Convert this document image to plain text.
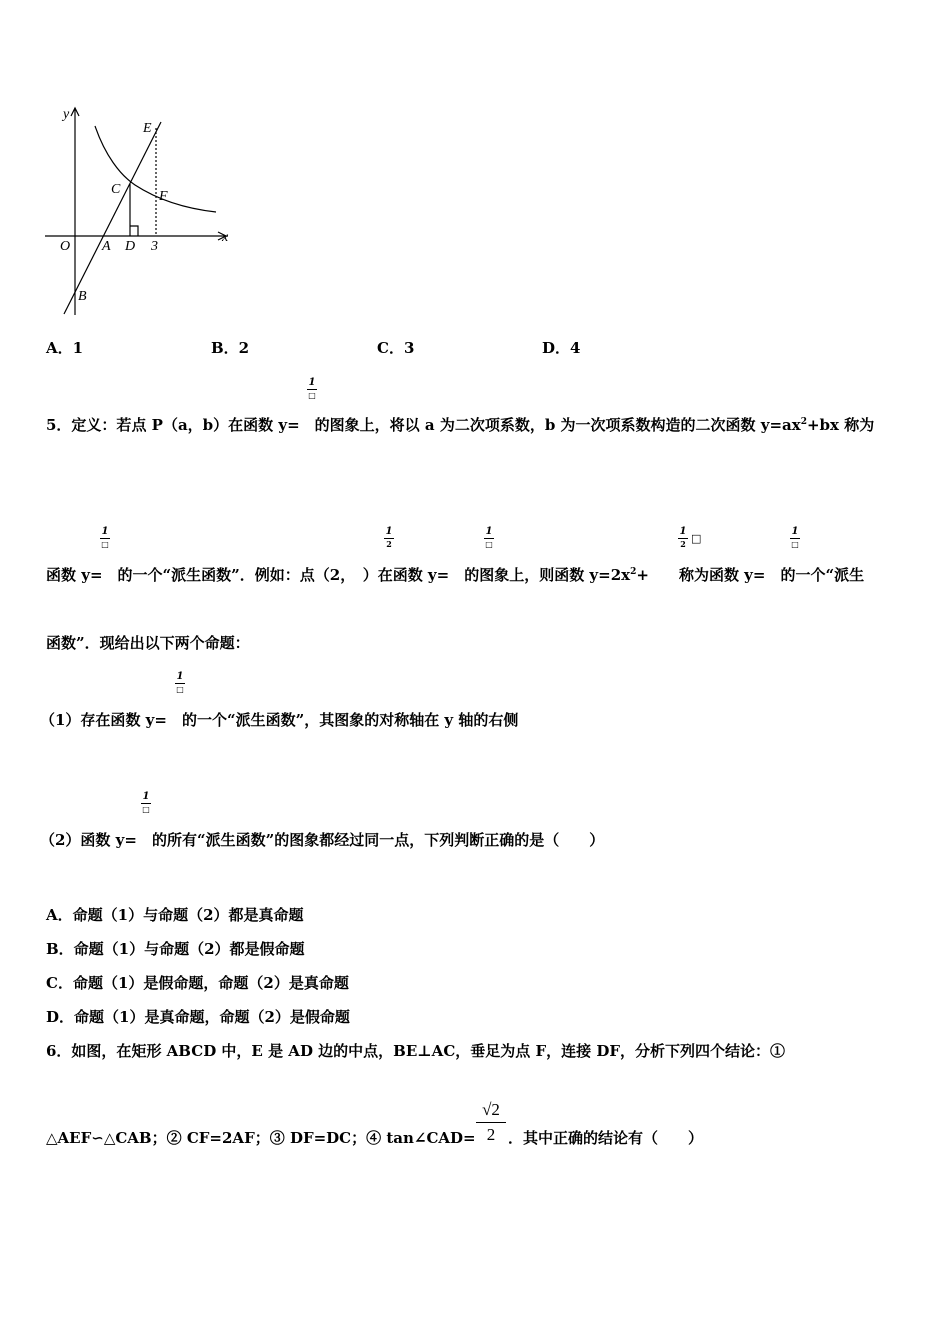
y
x
O A D 3
B
C
E
F
A．1	B．2	C．3	D．4
1
□
5．定义：若点 P（a，b）在函数 y=　的图象上，将以 a 为二次项系数，b 为一次项系数构造的二次函数 $y=ax^2+bx$ 称为
1
□
1
2
1
□
1
2 □
1
□
函数 y=　的一个“派生函数”．例如：点（2，　）在函数 y=　的图象上，则函数 $y=2x^2+$　　称为函数 y=　的一个“派生
函数”．现给出以下两个命题：
1
□
（1）存在函数 y=　的一个“派生函数”，其图象的对称轴在 y 轴的右侧
1
□
（2）函数 y=　的所有“派生函数”的图象都经过同一点，下列判断正确的是（　　）
A．命题（1）与命题（2）都是真命题
B．命题（1）与命题（2）都是假命题
C．命题（1）是假命题，命题（2）是真命题
D．命题（1）是真命题，命题（2）是假命题
6．如图，在矩形 ABCD 中，E 是 AD 边的中点，BE⊥AC，垂足为点 F，连接 DF，分析下列四个结论：①
△AEF∽△CAB；② CF=2AF；③ DF=DC；④ tan∠CAD=
√2
2 ．其中正确的结论有（　　）
